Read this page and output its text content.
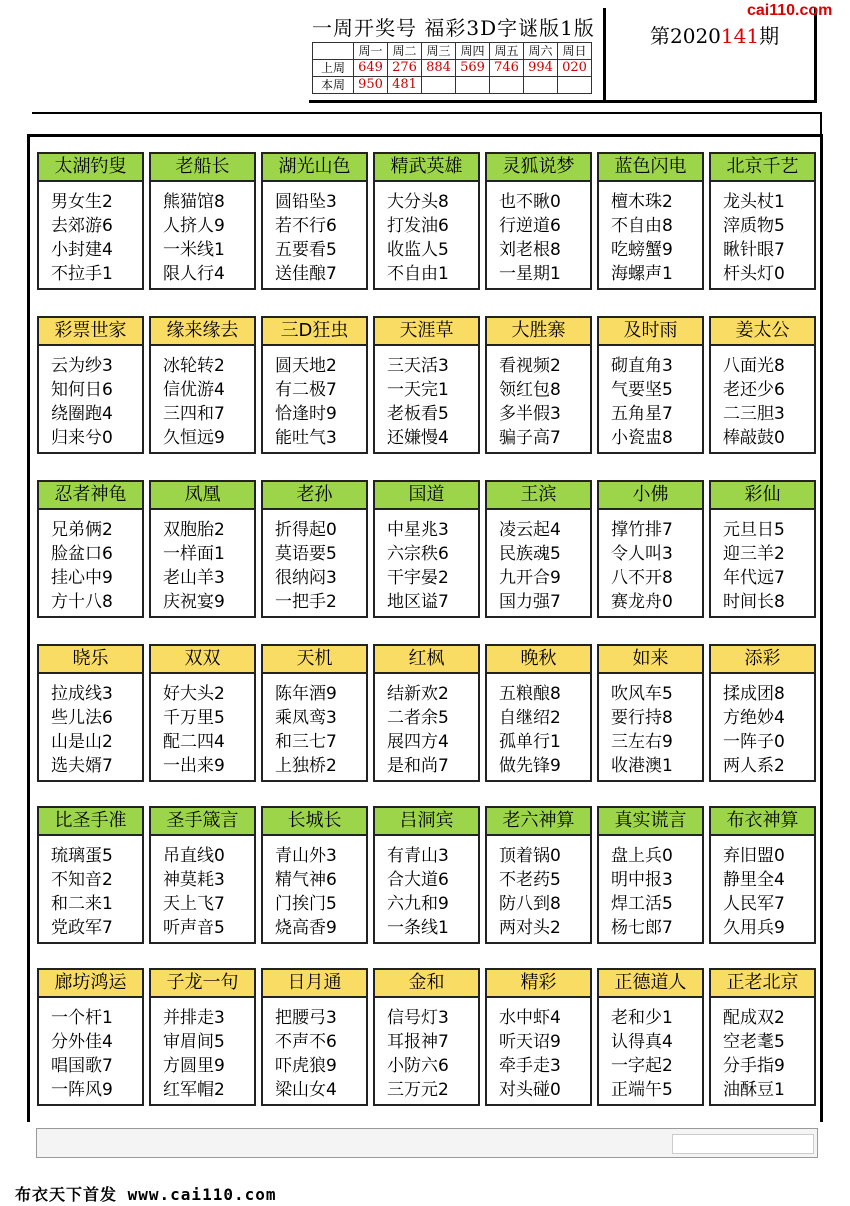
一周开奖号 福彩3D字谜版1版
	周一	周二	周三	周四	周五	周六	周日
上周	649	276	884	569	746	994	020
本周	950	481					
第2020141期
cai110.com
太湖钓叟
男女生2
去郊游6
小封建4
不拉手1
老船长
熊猫馆8
人挤人9
一米线1
限人行4
湖光山色
圆铅坠3
若不行6
五要看5
送佳酿7
精武英雄
大分头8
打发油6
收监人5
不自由1
灵狐说梦
也不瞅0
行逆道6
刘老根8
一星期1
蓝色闪电
檀木珠2
不自由8
吃螃蟹9
海螺声1
北京千艺
龙头杖1
滓质物5
瞅针眼7
杆头灯0
彩票世家
云为纱3
知何日6
绕圈跑4
归来兮0
缘来缘去
冰轮转2
信优游4
三四和7
久恒远9
三D狂虫
圆天地2
有二极7
恰逢时9
能吐气3
天涯草
三天活3
一天完1
老板看5
还嫌慢4
大胜寨
看视频2
领红包8
多半假3
骗子高7
及时雨
砌直角3
气要坚5
五角星7
小瓷盅8
姜太公
八面光8
老还少6
二三胆3
棒敲鼓0
忍者神龟
兄弟俩2
脸盆口6
挂心中9
方十八8
凤凰
双胞胎2
一样面1
老山羊3
庆祝宴9
老孙
折得起0
莫语要5
很纳闷3
一把手2
国道
中星兆3
六宗秩6
干宇晏2
地区谥7
王滨
凌云起4
民族魂5
九开合9
国力强7
小佛
撑竹排7
令人叫3
八不开8
赛龙舟0
彩仙
元旦日5
迎三羊2
年代远7
时间长8
晓乐
拉成线3
些儿法6
山是山2
选夫婿7
双双
好大头2
千万里5
配二四4
一出来9
天机
陈年酒9
乘凤鸾3
和三七7
上独桥2
红枫
结新欢2
二者余5
展四方4
是和尚7
晚秋
五粮酿8
自继绍2
孤单行1
做先锋9
如来
吹风车5
要行持8
三左右9
收港澳1
添彩
揉成团8
方绝妙4
一阵子0
两人系2
比圣手准
琉璃蛋5
不知音2
和二来1
党政军7
圣手箴言
吊直线0
神莫耗3
天上飞7
听声音5
长城长
青山外3
精气神6
门挨门5
烧高香9
吕洞宾
有青山3
合大道6
六九和9
一条线1
老六神算
顶着锅0
不老药5
防八到8
两对头2
真实谎言
盘上兵0
明中报3
焊工活5
杨七郎7
布衣神算
弃旧盟0
静里全4
人民军7
久用兵9
廊坊鸿运
一个杆1
分外佳4
唱国歌7
一阵风9
子龙一句
并排走3
审眉间5
方圆里9
红军帽2
日月通
把腰弓3
不声不6
吓虎狼9
梁山女4
金和
信号灯3
耳报神7
小防六6
三万元2
精彩
水中虾4
听天诏9
牵手走3
对头碰0
正德道人
老和少1
认得真4
一字起2
正端午5
正老北京
配成双2
空老耄5
分手指9
油酥豆1
布衣天下首发 www.cai110.com
